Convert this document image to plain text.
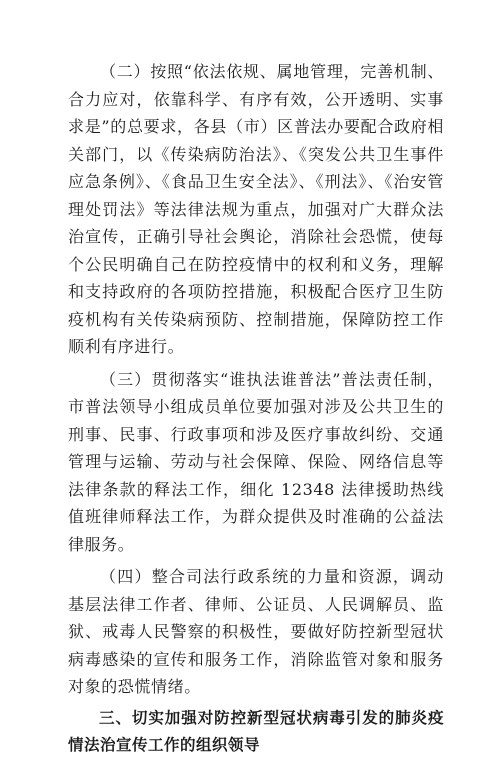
（二）按照“依法依规、属地管理，完善机制、合力应对，依靠科学、有序有效，公开透明、实事求是”的总要求，各县（市）区普法办要配合政府相关部门，以《传染病防治法》、《突发公共卫生事件应急条例》、《食品卫生安全法》、《刑法》、《治安管理处罚法》等法律法规为重点，加强对广大群众法治宣传，正确引导社会舆论，消除社会恐慌，使每个公民明确自己在防控疫情中的权利和义务，理解和支持政府的各项防控措施，积极配合医疗卫生防疫机构有关传染病预防、控制措施，保障防控工作顺利有序进行。

（三）贯彻落实“谁执法谁普法”普法责任制，市普法领导小组成员单位要加强对涉及公共卫生的刑事、民事、行政事项和涉及医疗事故纠纷、交通管理与运输、劳动与社会保障、保险、网络信息等法律条款的释法工作，细化 12348 法律援助热线值班律师释法工作，为群众提供及时准确的公益法律服务。

（四）整合司法行政系统的力量和资源，调动基层法律工作者、律师、公证员、人民调解员、监狱、戒毒人民警察的积极性，要做好防控新型冠状病毒感染的宣传和服务工作，消除监管对象和服务对象的恐慌情绪。

三、切实加强对防控新型冠状病毒引发的肺炎疫情法治宣传工作的组织领导
